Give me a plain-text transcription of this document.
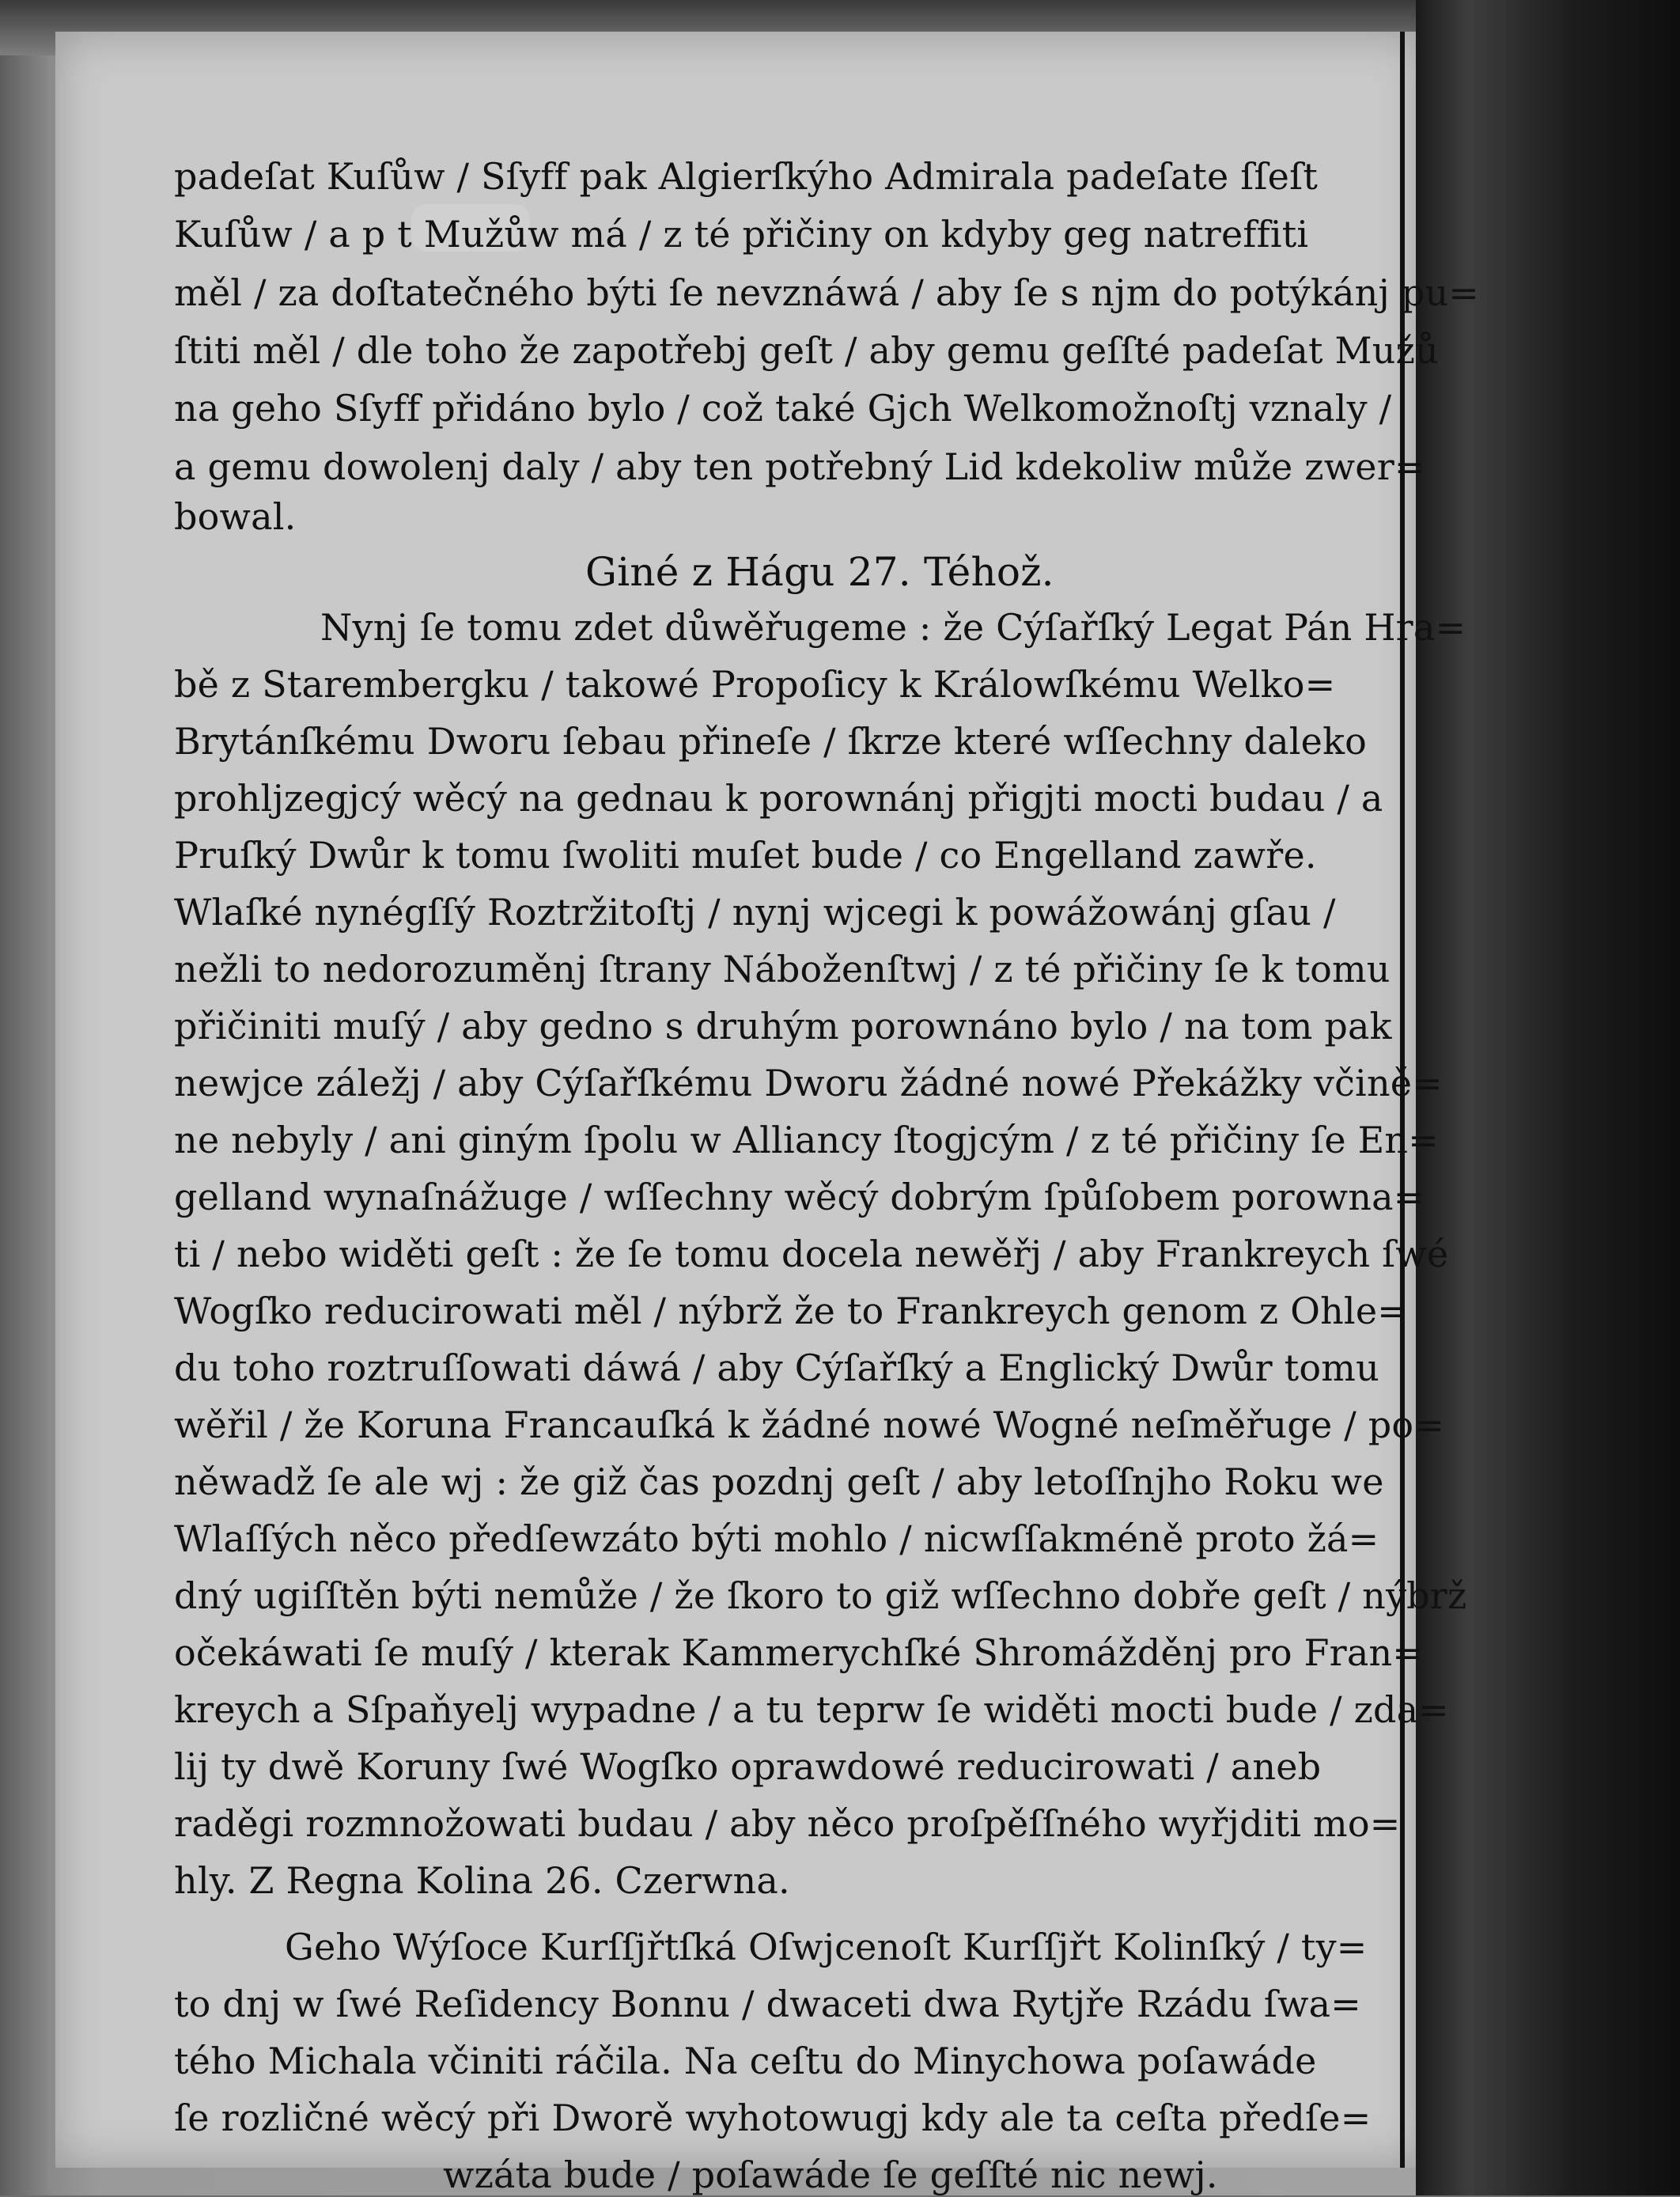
padeſat Kuſůw / Sſyff pak Algierſkýho Admirala padeſate ſſeſt
Kuſůw / a p t Mužůw má / z té přičiny on kdyby geg natreffiti
měl / za doſtatečného býti ſe nevznáwá / aby ſe s njm do potýkánj pu=
ſtiti měl / dle toho že zapotřebj geſt / aby gemu geſſté padeſat Mužů
na geho Sſyff přidáno bylo / což také Gjch Welkomožnoſtj vznaly /
a gemu dowolenj daly / aby ten potřebný Lid kdekoliw může zwer=
bowal.
Giné z Hágu 27. Téhož.
Nynj ſe tomu zdet důwěřugeme : že Cýſařſký Legat Pán Hra=
bě z Starembergku / takowé Propoſicy k Králowſkému Welko=
Brytánſkému Dworu ſebau přineſe / ſkrze které wſſechny daleko
prohljzegjcý wěcý na gednau k porownánj přigjti mocti budau / a
Pruſký Dwůr k tomu ſwoliti muſet bude / co Engelland zawře.
Wlaſké nynégſſý Roztržitoſtj / nynj wjcegi k powážowánj gſau /
nežli to nedorozuměnj ſtrany Náboženſtwj / z té přičiny ſe k tomu
přičiniti muſý / aby gedno s druhým porownáno bylo / na tom pak
newjce záležj / aby Cýſařſkému Dworu žádné nowé Překážky včině=
ne nebyly / ani giným ſpolu w Alliancy ſtogjcým / z té přičiny ſe En=
gelland wynaſnážuge / wſſechny wěcý dobrým ſpůſobem porowna=
ti / nebo widěti geſt : že ſe tomu docela newěřj / aby Frankreych ſwé
Wogſko reducirowati měl / nýbrž že to Frankreych genom z Ohle=
du toho roztruſſowati dáwá / aby Cýſařſký a Englický Dwůr tomu
wěřil / že Koruna Francauſká k žádné nowé Wogné neſměřuge / po=
něwadž ſe ale wj : že giž čas pozdnj geſt / aby letoſſnjho Roku we
Wlaſſých něco předſewzáto býti mohlo / nicwſſakméně proto žá=
dný ugiſſtěn býti nemůže / že ſkoro to giž wſſechno dobře geſt / nýbrž
očekáwati ſe muſý / kterak Kammerychſké Shromážděnj pro Fran=
kreych a Sſpaňyelj wypadne / a tu teprw ſe widěti mocti bude / zda=
lij ty dwě Koruny ſwé Wogſko oprawdowé reducirowati / aneb
raděgi rozmnožowati budau / aby něco proſpěſſného wyřjditi mo=
hly. Z Regna Kolina 26. Czerwna.
Geho Wýſoce Kurſſjřtſká Oſwjcenoſt Kurſſjřt Kolinſký / ty=
to dnj w ſwé Reſidency Bonnu / dwaceti dwa Rytjře Rzádu ſwa=
tého Michala včiniti ráčila. Na ceſtu do Minychowa poſawáde
ſe rozličné wěcý při Dworě wyhotowugj kdy ale ta ceſta předſe=
wzáta bude / poſawáde ſe geſſté nic newj.
